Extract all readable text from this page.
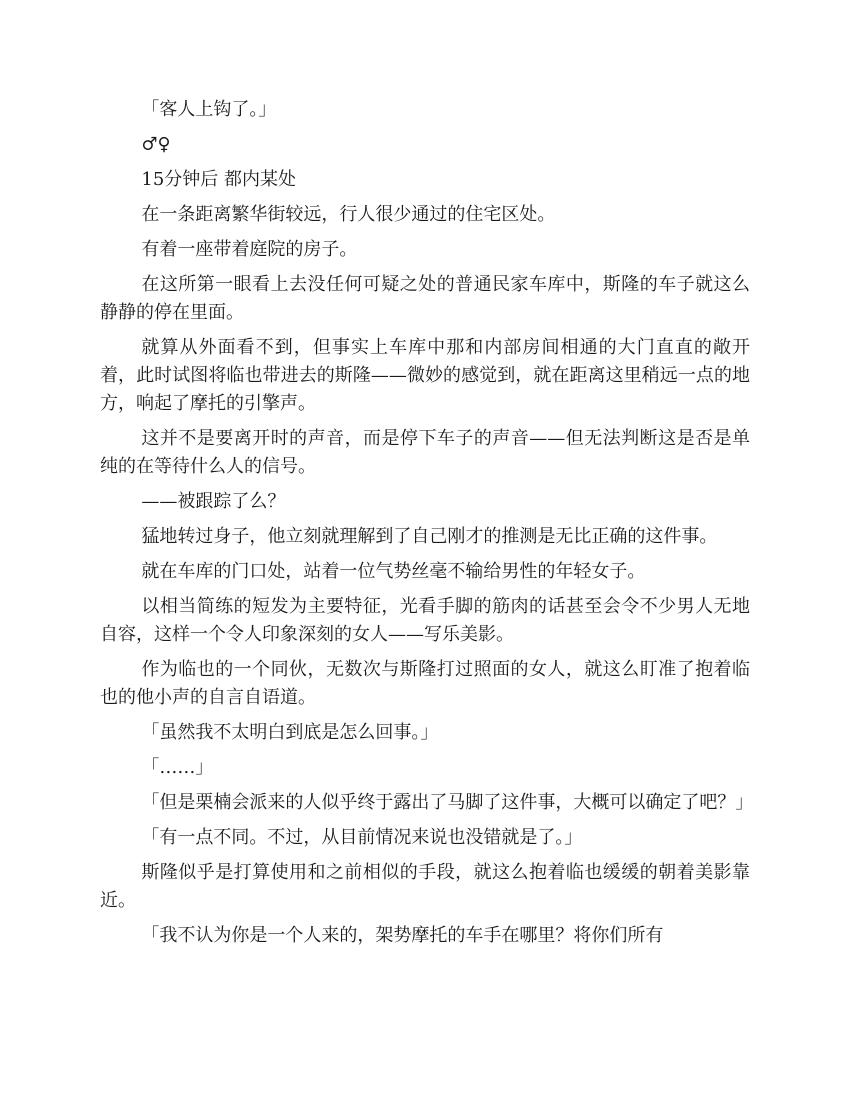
「客人上钩了。」

♂♀

15分钟后 都内某处

在一条距离繁华街较远，行人很少通过的住宅区处。

有着一座带着庭院的房子。

在这所第一眼看上去没任何可疑之处的普通民家车库中，斯隆的车子就这么静静的停在里面。

就算从外面看不到，但事实上车库中那和内部房间相通的大门直直的敞开着，此时试图将临也带进去的斯隆——微妙的感觉到，就在距离这里稍远一点的地方，响起了摩托的引擎声。

这并不是要离开时的声音，而是停下车子的声音——但无法判断这是否是单纯的在等待什么人的信号。

——被跟踪了么？

猛地转过身子，他立刻就理解到了自己刚才的推测是无比正确的这件事。

就在车库的门口处，站着一位气势丝毫不输给男性的年轻女子。

以相当简练的短发为主要特征，光看手脚的筋肉的话甚至会令不少男人无地自容，这样一个令人印象深刻的女人——写乐美影。

作为临也的一个同伙，无数次与斯隆打过照面的女人，就这么盯准了抱着临也的他小声的自言自语道。

「虽然我不太明白到底是怎么回事。」

「……」

「但是栗楠会派来的人似乎终于露出了马脚了这件事，大概可以确定了吧？」

「有一点不同。不过，从目前情况来说也没错就是了。」

斯隆似乎是打算使用和之前相似的手段，就这么抱着临也缓缓的朝着美影靠近。

「我不认为你是一个人来的，架势摩托的车手在哪里？将你们所有
